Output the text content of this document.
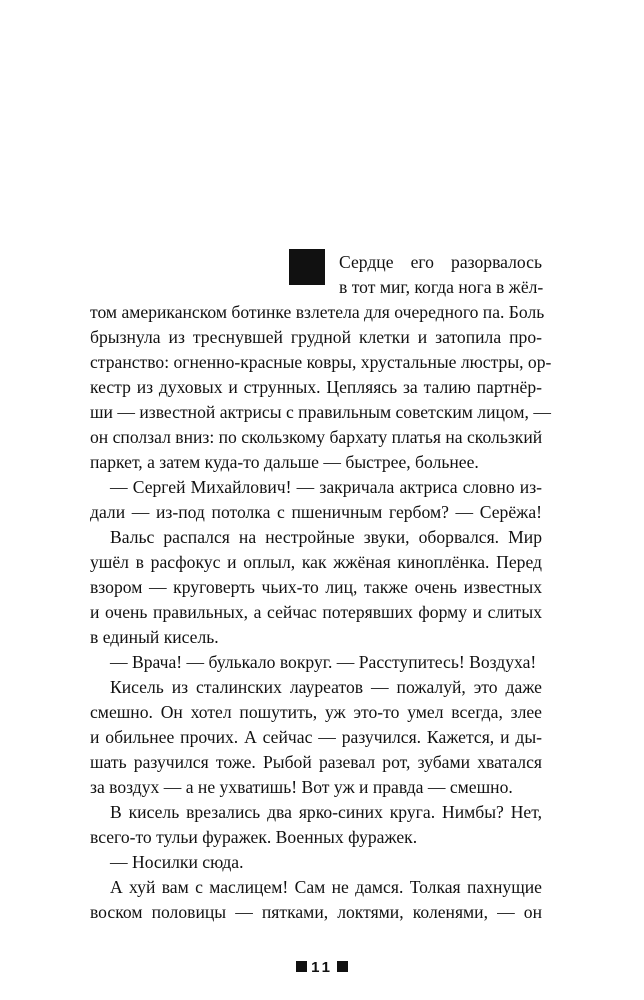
Сердце его разорвалось
в тот миг, когда нога в жёл-
том американском ботинке взлетела для очередного па. Боль
брызнула из треснувшей грудной клетки и затопила про-
странство: огненно-красные ковры, хрустальные люстры, ор-
кестр из духовых и струнных. Цепляясь за талию партнёр-
ши — известной актрисы с правильным советским лицом, —
он сползал вниз: по скользкому бархату платья на скользкий
паркет, а затем куда-то дальше — быстрее, больнее.
— Сергей Михайлович! — закричала актриса словно из-
дали — из-под потолка с пшеничным гербом? — Серёжа!
Вальс распался на нестройные звуки, оборвался. Мир
ушёл в расфокус и оплыл, как жжёная киноплёнка. Перед
взором — круговерть чьих-то лиц, также очень известных
и очень правильных, а сейчас потерявших форму и слитых
в единый кисель.
— Врача! — булькало вокруг. — Расступитесь! Воздуха!
Кисель из сталинских лауреатов — пожалуй, это даже
смешно. Он хотел пошутить, уж это-то умел всегда, злее
и обильнее прочих. А сейчас — разучился. Кажется, и ды-
шать разучился тоже. Рыбой разевал рот, зубами хватался
за воздух — а не ухватишь! Вот уж и правда — смешно.
В кисель врезались два ярко-синих круга. Нимбы? Нет,
всего-то тульи фуражек. Военных фуражек.
— Носилки сюда.
А хуй вам с маслицем! Сам не дамся. Толкая пахнущие
воском половицы — пятками, локтями, коленями, — он
11
